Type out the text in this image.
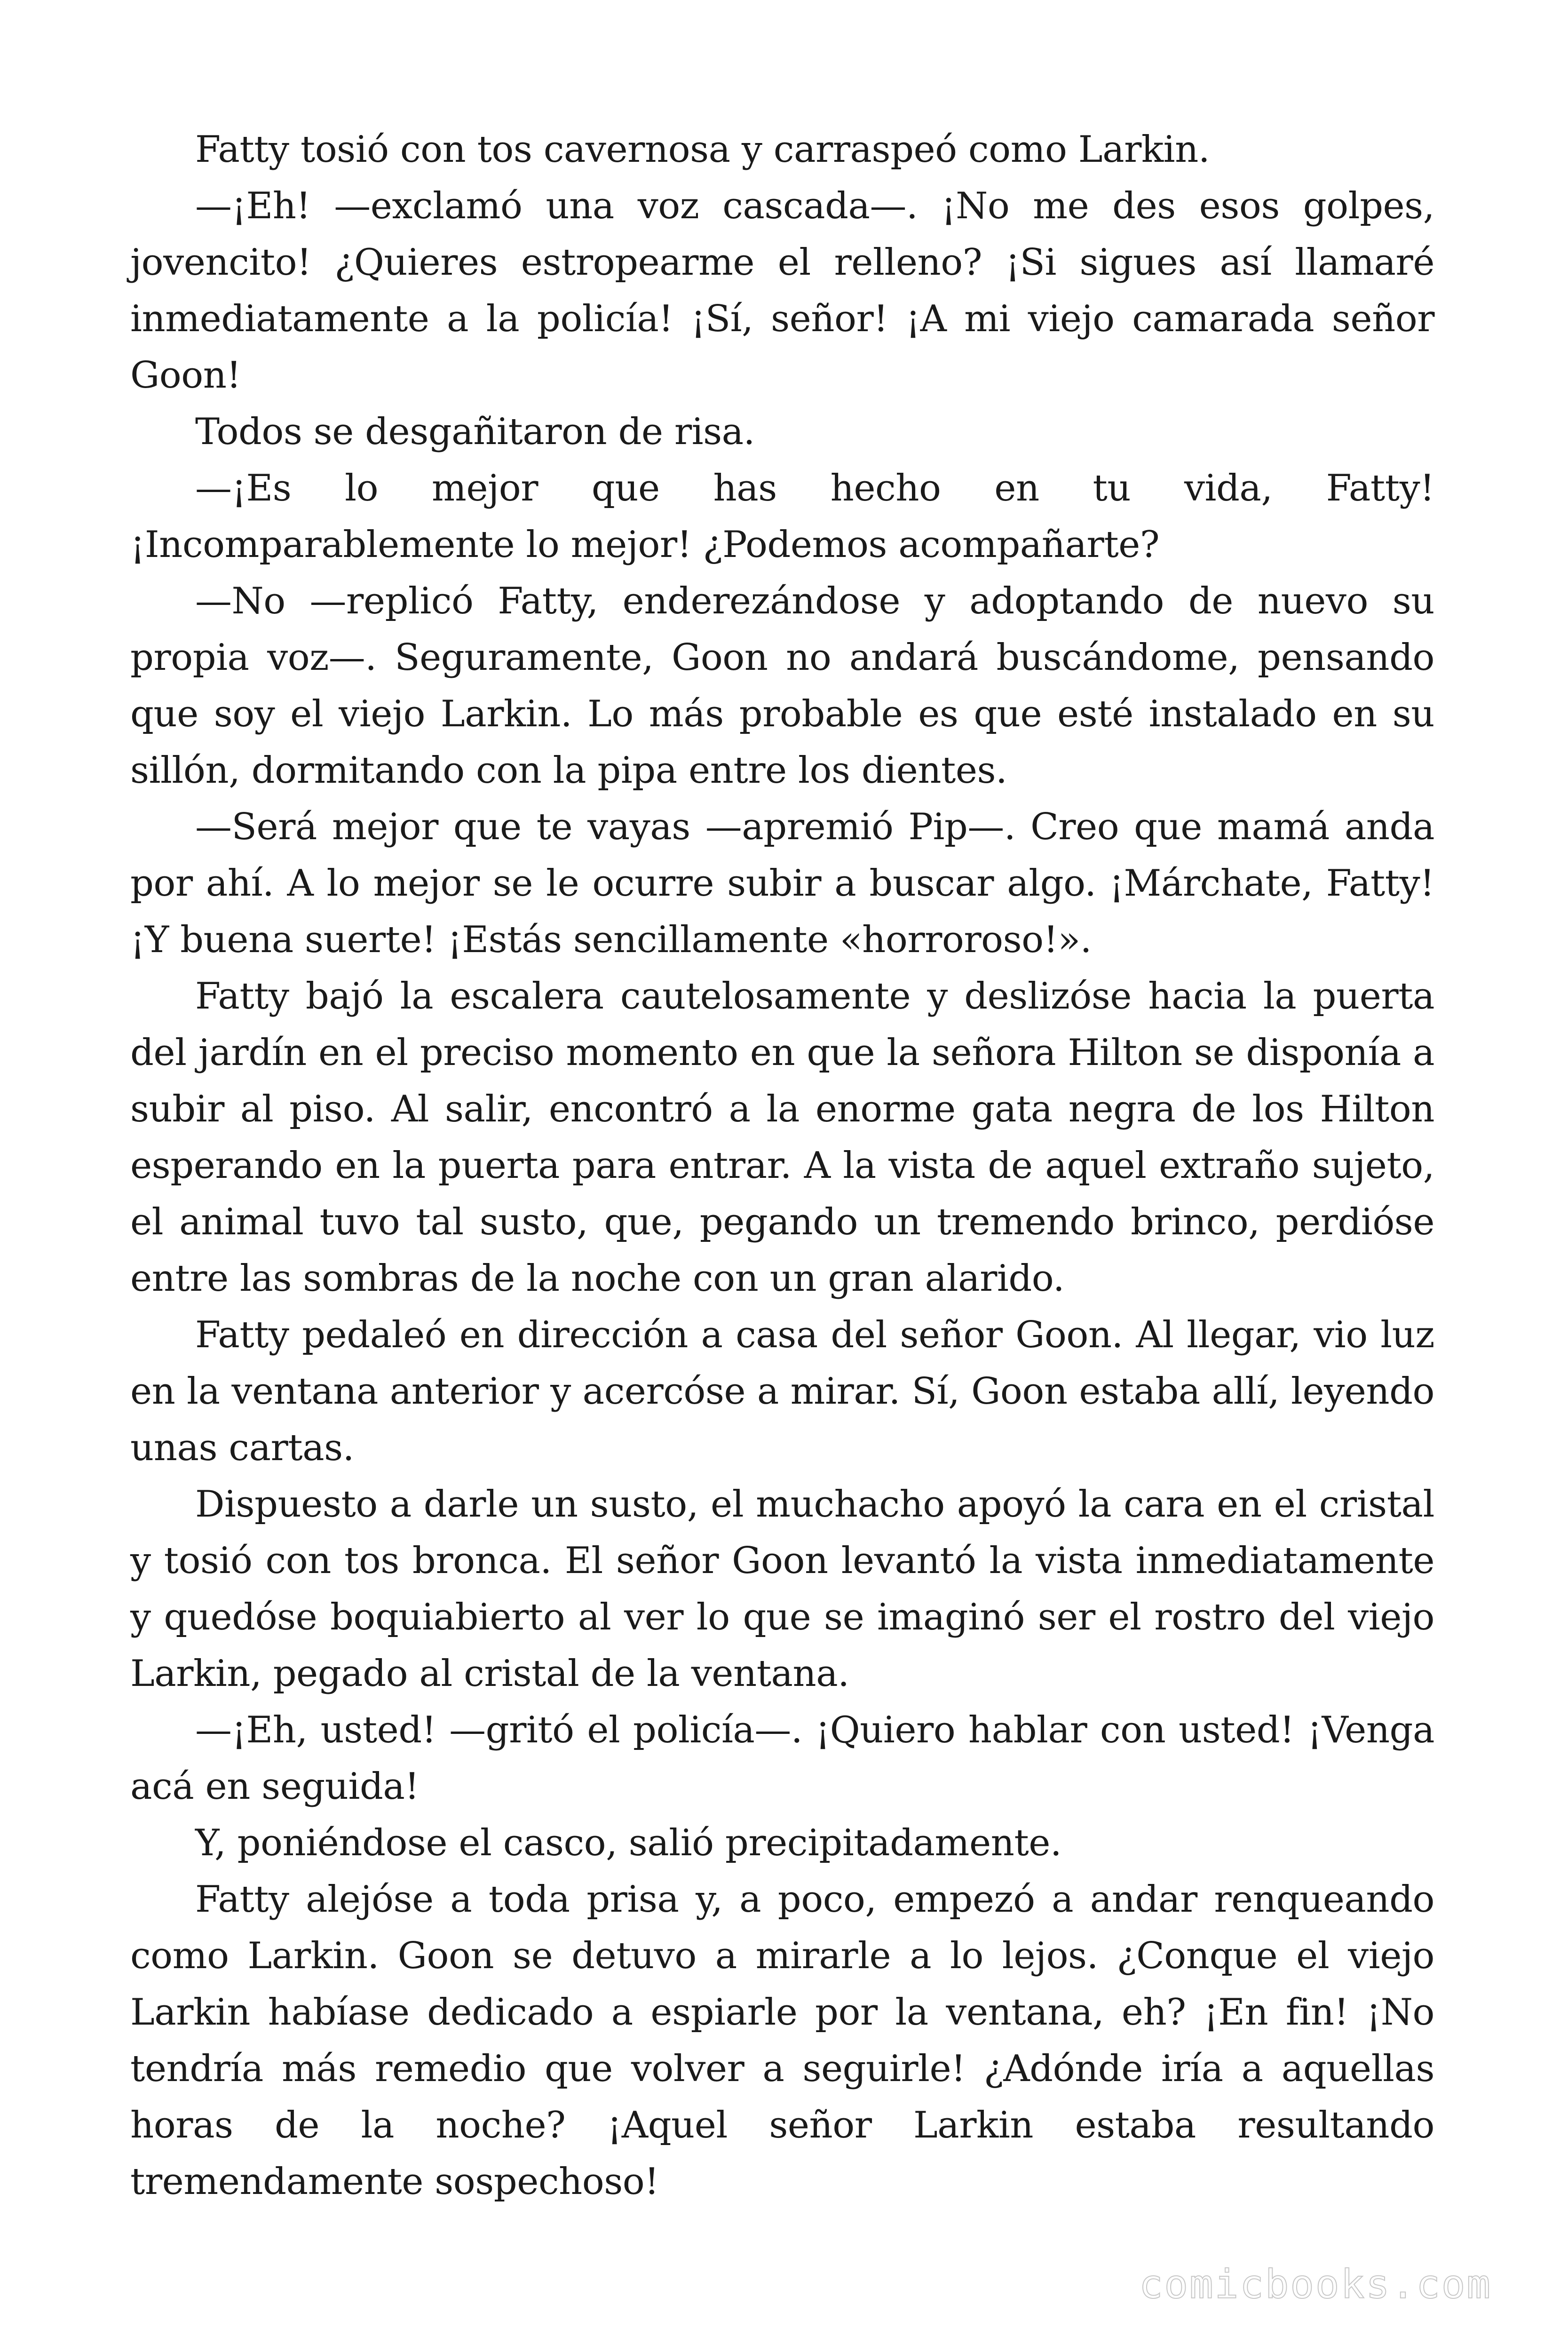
Fatty tosió con tos cavernosa y carraspeó como Larkin.

—¡Eh! —exclamó una voz cascada—. ¡No me des esos golpes, jovencito! ¿Quieres estropearme el relleno? ¡Si sigues así llamaré inmediatamente a la policía! ¡Sí, señor! ¡A mi viejo camarada señor Goon!

Todos se desgañitaron de risa.

—¡Es lo mejor que has hecho en tu vida, Fatty! ¡Incomparablemente lo mejor! ¿Podemos acompañarte?

—No —replicó Fatty, enderezándose y adoptando de nuevo su propia voz—. Seguramente, Goon no andará buscándome, pensando que soy el viejo Larkin. Lo más probable es que esté instalado en su sillón, dormitando con la pipa entre los dientes.

—Será mejor que te vayas —apremió Pip—. Creo que mamá anda por ahí. A lo mejor se le ocurre subir a buscar algo. ¡Márchate, Fatty! ¡Y buena suerte! ¡Estás sencillamente «horroroso!».

Fatty bajó la escalera cautelosamente y deslizóse hacia la puerta del jardín en el preciso momento en que la señora Hilton se disponía a subir al piso. Al salir, encontró a la enorme gata negra de los Hilton esperando en la puerta para entrar. A la vista de aquel extraño sujeto, el animal tuvo tal susto, que, pegando un tremendo brinco, perdióse entre las sombras de la noche con un gran alarido.

Fatty pedaleó en dirección a casa del señor Goon. Al llegar, vio luz en la ventana anterior y acercóse a mirar. Sí, Goon estaba allí, leyendo unas cartas.

Dispuesto a darle un susto, el muchacho apoyó la cara en el cristal y tosió con tos bronca. El señor Goon levantó la vista inmediatamente y quedóse boquiabierto al ver lo que se imaginó ser el rostro del viejo Larkin, pegado al cristal de la ventana.

—¡Eh, usted! —gritó el policía—. ¡Quiero hablar con usted! ¡Venga acá en seguida!

Y, poniéndose el casco, salió precipitadamente.

Fatty alejóse a toda prisa y, a poco, empezó a andar renqueando como Larkin. Goon se detuvo a mirarle a lo lejos. ¿Conque el viejo Larkin habíase dedicado a espiarle por la ventana, eh? ¡En fin! ¡No tendría más remedio que volver a seguirle! ¿Adónde iría a aquellas horas de la noche? ¡Aquel señor Larkin estaba resultando tremendamente sospechoso!

comicbooks.com
